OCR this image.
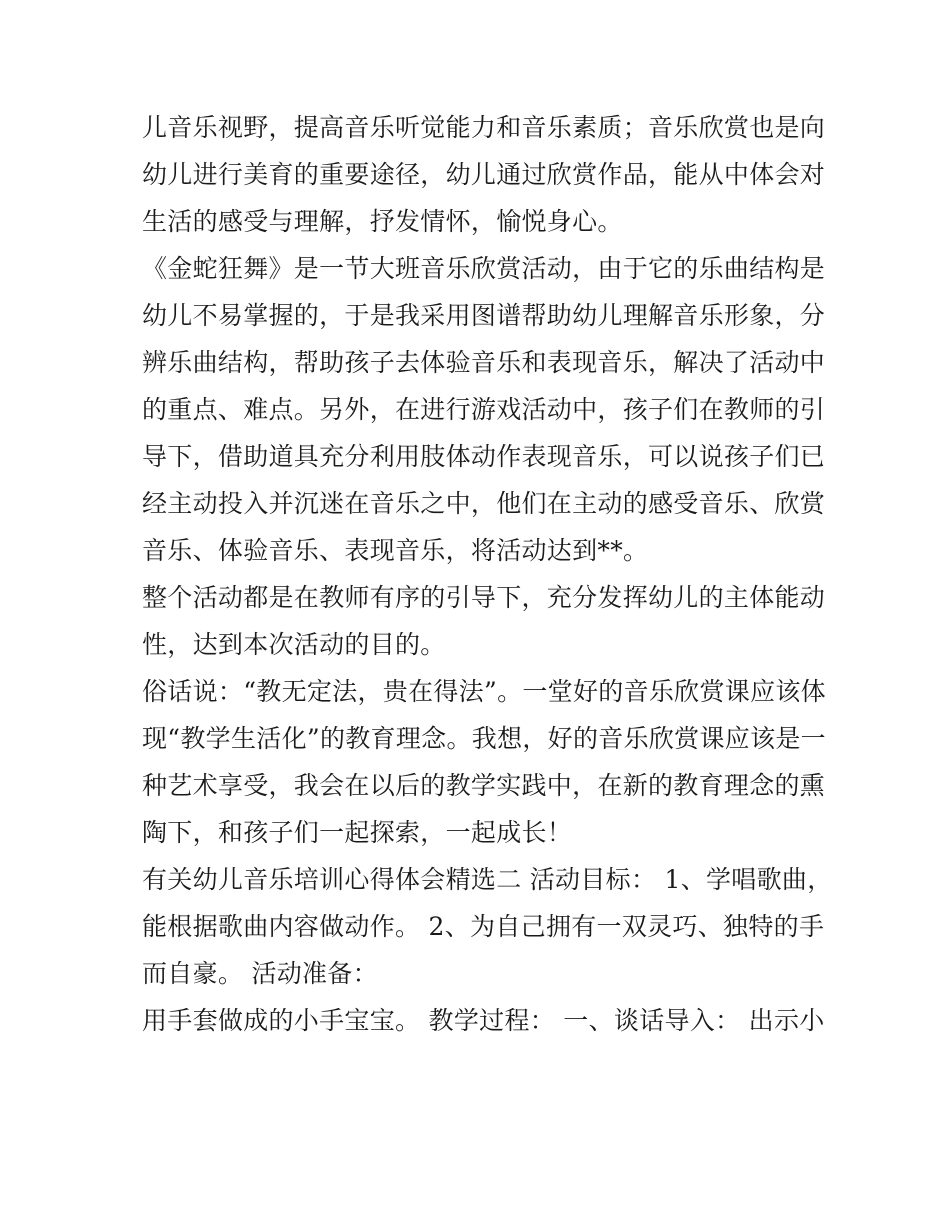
儿音乐视野，提高音乐听觉能力和音乐素质；音乐欣赏也是向
幼儿进行美育的重要途径，幼儿通过欣赏作品，能从中体会对
生活的感受与理解，抒发情怀，愉悦身心。
《金蛇狂舞》是一节大班音乐欣赏活动，由于它的乐曲结构是
幼儿不易掌握的，于是我采用图谱帮助幼儿理解音乐形象，分
辨乐曲结构，帮助孩子去体验音乐和表现音乐，解决了活动中
的重点、难点。另外，在进行游戏活动中，孩子们在教师的引
导下，借助道具充分利用肢体动作表现音乐，可以说孩子们已
经主动投入并沉迷在音乐之中，他们在主动的感受音乐、欣赏
音乐、体验音乐、表现音乐，将活动达到**。
整个活动都是在教师有序的引导下，充分发挥幼儿的主体能动
性，达到本次活动的目的。
俗话说：“教无定法，贵在得法”。一堂好的音乐欣赏课应该体
现“教学生活化”的教育理念。我想，好的音乐欣赏课应该是一
种艺术享受，我会在以后的教学实践中，在新的教育理念的熏
陶下，和孩子们一起探索，一起成长！
有关幼儿音乐培训心得体会精选二 活动目标： 1、学唱歌曲，
能根据歌曲内容做动作。 2、为自己拥有一双灵巧、独特的手
而自豪。 活动准备：
用手套做成的小手宝宝。 教学过程： 一、谈话导入： 出示小
